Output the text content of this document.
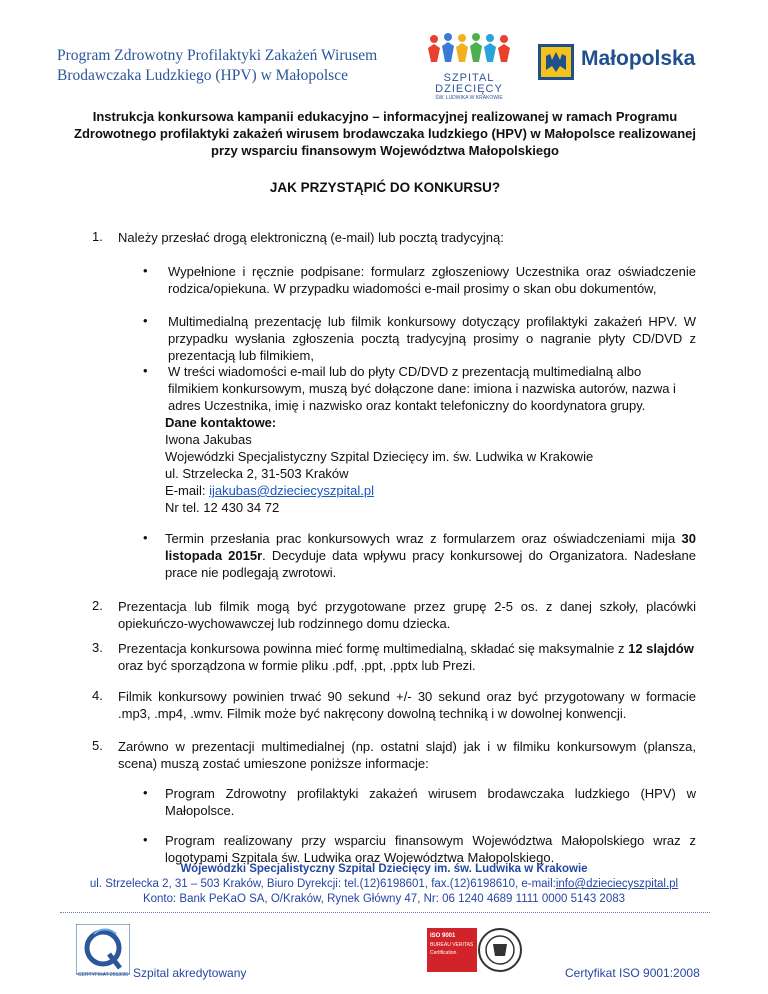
Program Zdrowotny Profilaktyki Zakażeń Wirusem
Brodawczaka Ludzkiego (HPV) w Małopolsce	SZPITAL
DZIECIĘCY
ŚW. LUDWIKA W KRAKOWIE
Małopolska
Instrukcja konkursowa kampanii edukacyjno – informacyjnej realizowanej w ramach Programu
Zdrowotnego profilaktyki zakażeń wirusem brodawczaka ludzkiego (HPV) w Małopolsce realizowanej
przy wsparciu finansowym Województwa Małopolskiego
JAK PRZYSTĄPIĆ DO KONKURSU?
1. Należy przesłać drogą elektroniczną (e-mail) lub pocztą tradycyjną:
• Wypełnione i ręcznie podpisane: formularz zgłoszeniowy Uczestnika oraz oświadczenie rodzica/opiekuna. W przypadku wiadomości e-mail prosimy o skan obu dokumentów,
• Multimedialną prezentację lub filmik konkursowy dotyczący profilaktyki zakażeń HPV. W przypadku wysłania zgłoszenia pocztą tradycyjną prosimy o nagranie płyty CD/DVD z prezentacją lub filmikiem,
• W treści wiadomości e-mail lub do płyty CD/DVD z prezentacją multimedialną albo
filmikiem konkursowym, muszą być dołączone dane: imiona i nazwiska autorów, nazwa i
adres Uczestnika, imię i nazwisko oraz kontakt telefoniczny do koordynatora grupy.
Dane kontaktowe:
Iwona Jakubas
Wojewódzki Specjalistyczny Szpital Dziecięcy im. św. Ludwika w Krakowie
ul. Strzelecka 2, 31-503 Kraków
E-mail: ijakubas@dzieciecyszpital.pl
Nr tel. 12 430 34 72
• Termin przesłania prac konkursowych wraz z formularzem oraz oświadczeniami mija 30 listopada 2015r. Decyduje data wpływu pracy konkursowej do Organizatora. Nadesłane prace nie podlegają zwrotowi.
2. Prezentacja lub filmik mogą być przygotowane przez grupę 2-5 os. z danej szkoły, placówki opiekuńczo-wychowawczej lub rodzinnego domu dziecka.
3. Prezentacja konkursowa powinna mieć formę multimedialną, składać się maksymalnie z 12 slajdów
oraz być sporządzona w formie pliku .pdf, .ppt, .pptx lub Prezi.
4. Filmik konkursowy powinien trwać 90 sekund +/- 30 sekund oraz być przygotowany w formacie .mp3, .mp4, .wmv. Filmik może być nakręcony dowolną techniką i w dowolnej konwencji.
5. Zarówno w prezentacji multimedialnej (np. ostatni slajd) jak i w filmiku konkursowym (plansza, scena) muszą zostać umieszone poniższe informacje:
• Program Zdrowotny profilaktyki zakażeń wirusem brodawczaka ludzkiego (HPV) w Małopolsce.
• Program realizowany przy wsparciu finansowym Województwa Małopolskiego wraz z logotypami Szpitala św. Ludwika oraz Województwa Małopolskiego.
Wojewódzki Specjalistyczny Szpital Dziecięcy im. św. Ludwika w Krakowie
ul. Strzelecka 2, 31 – 503 Kraków, Biuro Dyrekcji: tel.(12)6198601, fax.(12)6198610, e-mail:info@dzieciecyszpital.pl
Konto: Bank PeKaO SA, O/Kraków, Rynek Główny 47, Nr: 06 1240 4689 1111 0000 5143 2083
CERTYFIKAT 2013/36 Szpital akredytowany
ISO 9001
BUREAU VERITAS
Certification
Certyfikat ISO 9001:2008
